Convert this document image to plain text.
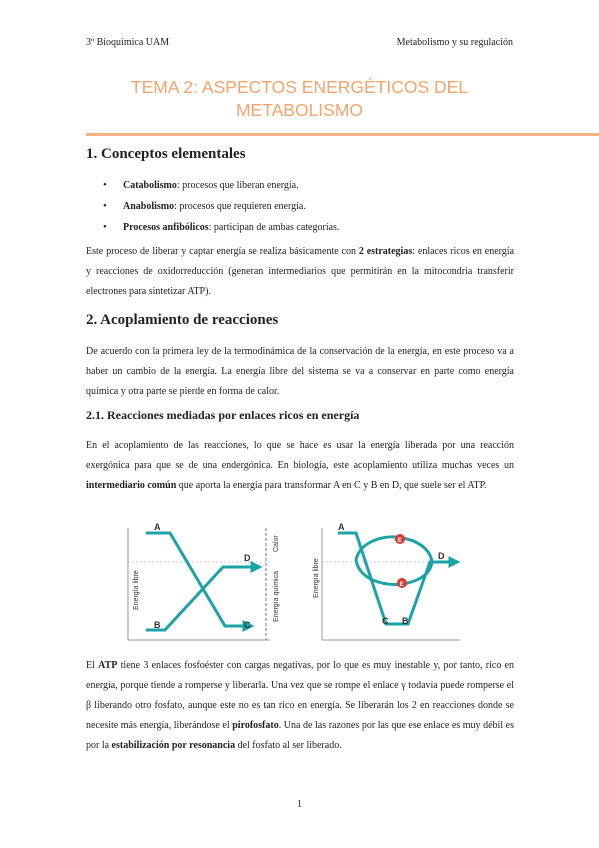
3º Bioquímica UAM	Metabolismo y su regulación
TEMA 2: ASPECTOS ENERGÉTICOS DEL
METABOLISMO
1. Conceptos elementales
• Catabolismo: procesos que liberan energía.
• Anabolismo: procesos que requieren energía.
• Procesos anfibólicos: participan de ambas categorías.

Este proceso de liberar y captar energía se realiza básicamente con 2 estrategias: enlaces ricos en energía y reacciones de oxidorreducción (generan intermediarios que permitirán en la mitocondria transferir electrones para sintetizar ATP).

2. Acoplamiento de reacciones

De acuerdo con la primera ley de la termodinámica de la conservación de la energía, en este proceso va a haber un cambio de la energía. La energía libre del sistema se va a conservar en parte como energía química y otra parte se pierde en forma de calor.

2.1. Reacciones mediadas por enlaces ricos en energía

En el acoplamiento de las reacciones, lo que se hace es usar la energía liberada por una reacción exergónica para que se de una endergónica. En biología, este acoplamiento utiliza muchas veces un intermediario común que aporta la energía para transformar A en C y B en D, que suele ser el ATP.

A
B
D
C
Energía libre
Calor
Energía química
E
E
A
D
C B
Energía libre

El ATP tiene 3 enlaces fosfoéster con cargas negativas, por lo que es muy inestable y, por tanto, rico en energía, porque tiende a romperse y liberarla. Una vez que se rompe el enlace γ todavía puede romperse el β liberando otro fosfato, aunque este no es tan rico en energía. Se liberarán los 2 en reacciones donde se necesite más energía, liberándose el pirofosfato. Una de las razones por las que ese enlace es muy débil es por la estabilización por resonancia del fosfato al ser liberado.

1
